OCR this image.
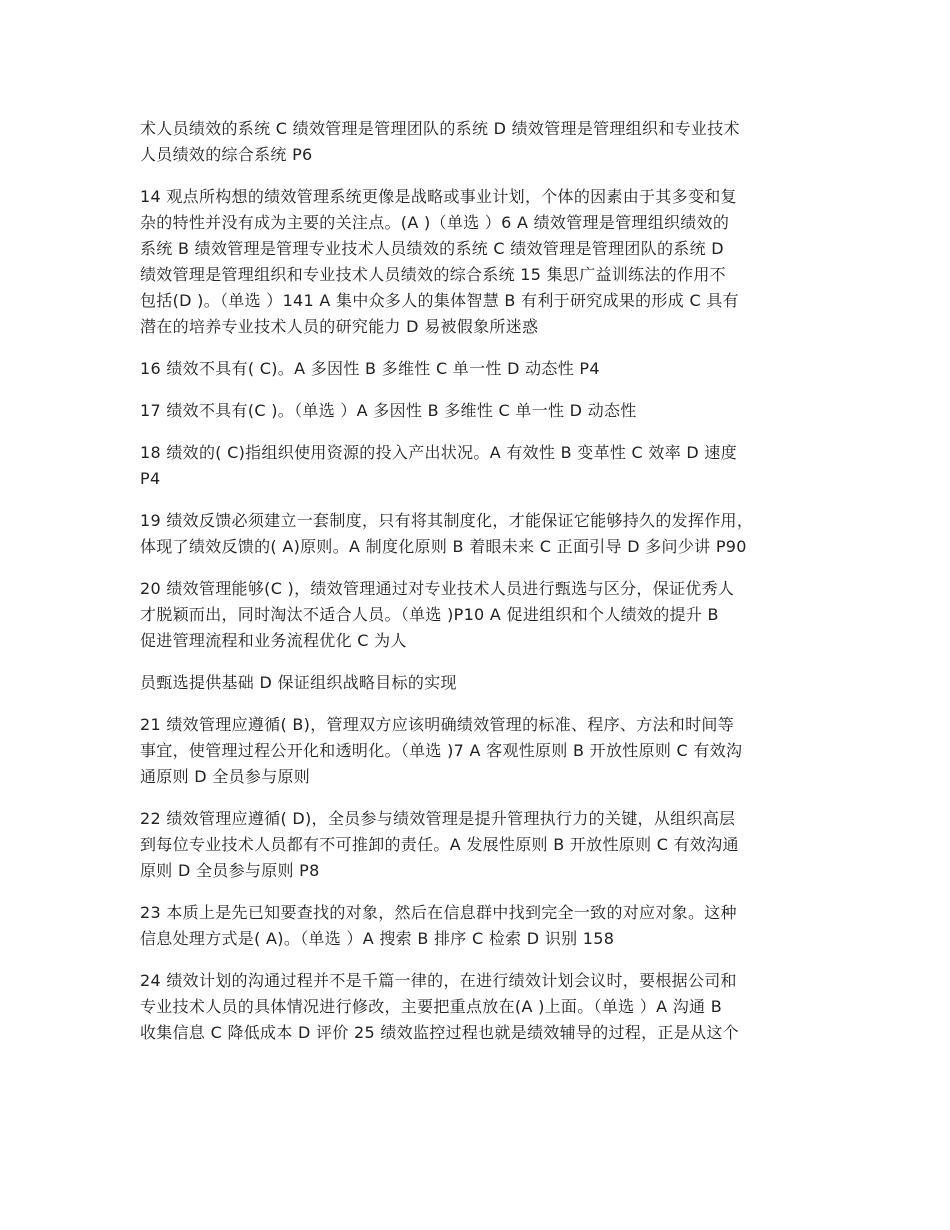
术人员绩效的系统 C 绩效管理是管理团队的系统 D 绩效管理是管理组织和专业技术
人员绩效的综合系统 P6

14 观点所构想的绩效管理系统更像是战略或事业计划，个体的因素由于其多变和复
杂的特性并没有成为主要的关注点。(A )（单选 ）6 A 绩效管理是管理组织绩效的
系统 B 绩效管理是管理专业技术人员绩效的系统 C 绩效管理是管理团队的系统 D
绩效管理是管理组织和专业技术人员绩效的综合系统 15 集思广益训练法的作用不
包括(D )。（单选 ）141 A 集中众多人的集体智慧 B 有利于研究成果的形成 C 具有
潜在的培养专业技术人员的研究能力 D 易被假象所迷惑

16 绩效不具有( C)。A 多因性 B 多维性 C 单一性 D 动态性 P4

17 绩效不具有(C )。（单选 ）A 多因性 B 多维性 C 单一性 D 动态性

18 绩效的( C)指组织使用资源的投入产出状况。A 有效性 B 变革性 C 效率 D 速度
P4

19 绩效反馈必须建立一套制度，只有将其制度化，才能保证它能够持久的发挥作用，
体现了绩效反馈的( A)原则。A 制度化原则 B 着眼未来 C 正面引导 D 多问少讲 P90

20 绩效管理能够(C )，绩效管理通过对专业技术人员进行甄选与区分，保证优秀人
才脱颖而出，同时淘汰不适合人员。（单选 )P10 A 促进组织和个人绩效的提升 B
促进管理流程和业务流程优化 C 为人

员甄选提供基础 D 保证组织战略目标的实现

21 绩效管理应遵循( B)，管理双方应该明确绩效管理的标准、程序、方法和时间等
事宜，使管理过程公开化和透明化。（单选 )7 A 客观性原则 B 开放性原则 C 有效沟
通原则 D 全员参与原则

22 绩效管理应遵循( D)，全员参与绩效管理是提升管理执行力的关键，从组织高层
到每位专业技术人员都有不可推卸的责任。A 发展性原则 B 开放性原则 C 有效沟通
原则 D 全员参与原则 P8

23 本质上是先已知要查找的对象，然后在信息群中找到完全一致的对应对象。这种
信息处理方式是( A)。（单选 ）A 搜索 B 排序 C 检索 D 识别 158

24 绩效计划的沟通过程并不是千篇一律的，在进行绩效计划会议时，要根据公司和
专业技术人员的具体情况进行修改，主要把重点放在(A )上面。（单选 ）A 沟通 B
收集信息 C 降低成本 D 评价 25 绩效监控过程也就是绩效辅导的过程，正是从这个
